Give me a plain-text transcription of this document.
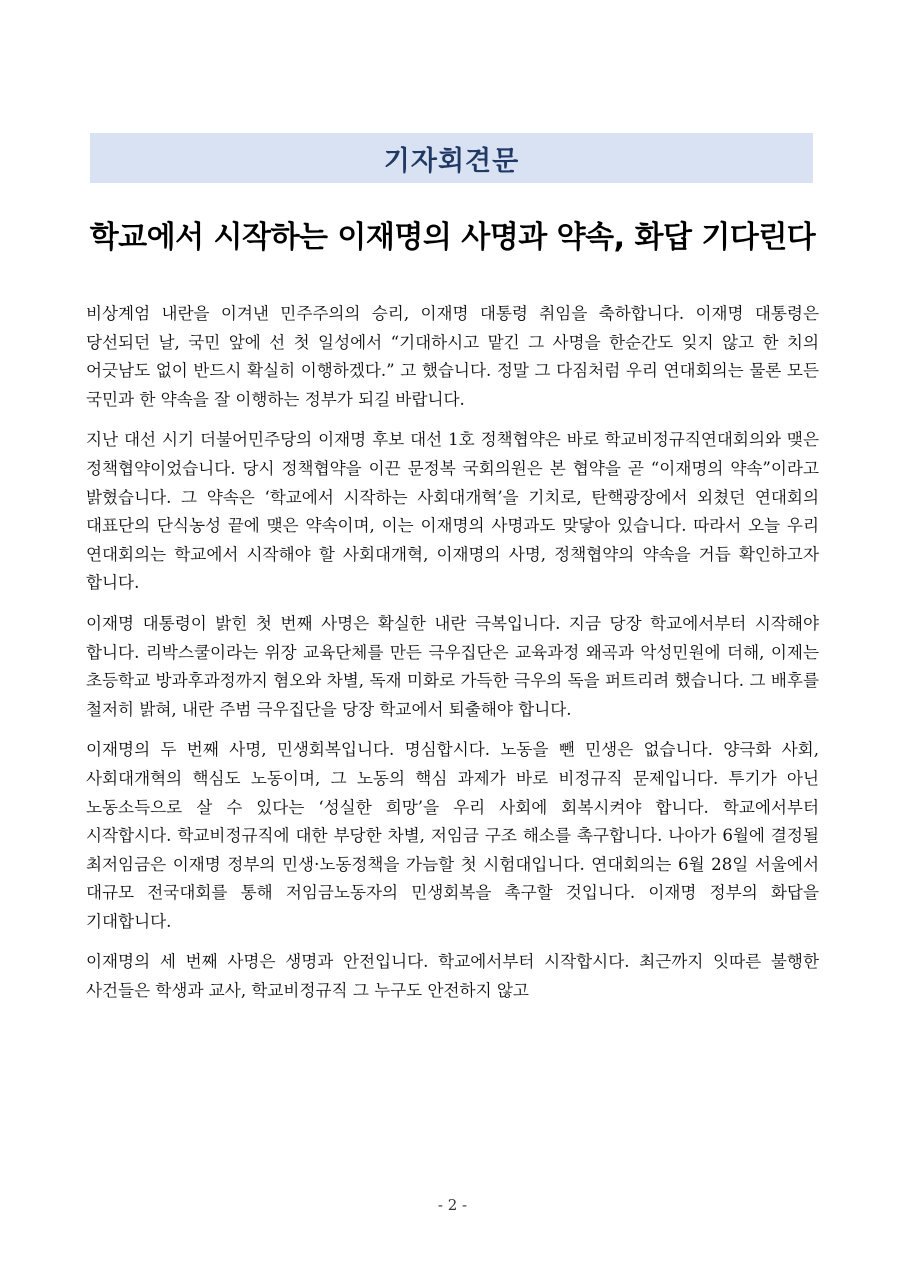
기자회견문
학교에서 시작하는 이재명의 사명과 약속, 화답 기다린다

비상계엄 내란을 이겨낸 민주주의의 승리, 이재명 대통령 취임을 축하합니다. 이재명 대통령은 당선되던 날, 국민 앞에 선 첫 일성에서 “기대하시고 맡긴 그 사명을 한순간도 잊지 않고 한 치의 어긋남도 없이 반드시 확실히 이행하겠다.” 고 했습니다. 정말 그 다짐처럼 우리 연대회의는 물론 모든 국민과 한 약속을 잘 이행하는 정부가 되길 바랍니다.

지난 대선 시기 더불어민주당의 이재명 후보 대선 1호 정책협약은 바로 학교비정규직연대회의와 맺은 정책협약이었습니다. 당시 정책협약을 이끈 문정복 국회의원은 본 협약을 곧 “이재명의 약속”이라고 밝혔습니다. 그 약속은 ‘학교에서 시작하는 사회대개혁’을 기치로, 탄핵광장에서 외쳤던 연대회의 대표단의 단식농성 끝에 맺은 약속이며, 이는 이재명의 사명과도 맞닿아 있습니다. 따라서 오늘 우리 연대회의는 학교에서 시작해야 할 사회대개혁, 이재명의 사명, 정책협약의 약속을 거듭 확인하고자 합니다.

이재명 대통령이 밝힌 첫 번째 사명은 확실한 내란 극복입니다. 지금 당장 학교에서부터 시작해야 합니다. 리박스쿨이라는 위장 교육단체를 만든 극우집단은 교육과정 왜곡과 악성민원에 더해, 이제는 초등학교 방과후과정까지 혐오와 차별, 독재 미화로 가득한 극우의 독을 퍼트리려 했습니다. 그 배후를 철저히 밝혀, 내란 주범 극우집단을 당장 학교에서 퇴출해야 합니다.

이재명의 두 번째 사명, 민생회복입니다. 명심합시다. 노동을 뺀 민생은 없습니다. 양극화 사회, 사회대개혁의 핵심도 노동이며, 그 노동의 핵심 과제가 바로 비정규직 문제입니다. 투기가 아닌 노동소득으로 살 수 있다는 ‘성실한 희망’을 우리 사회에 회복시켜야 합니다. 학교에서부터 시작합시다. 학교비정규직에 대한 부당한 차별, 저임금 구조 해소를 촉구합니다. 나아가 6월에 결정될 최저임금은 이재명 정부의 민생·노동정책을 가늠할 첫 시험대입니다. 연대회의는 6월 28일 서울에서 대규모 전국대회를 통해 저임금노동자의 민생회복을 촉구할 것입니다. 이재명 정부의 화답을 기대합니다.

이재명의 세 번째 사명은 생명과 안전입니다. 학교에서부터 시작합시다. 최근까지 잇따른 불행한 사건들은 학생과 교사, 학교비정규직 그 누구도 안전하지 않고

- 2 -
